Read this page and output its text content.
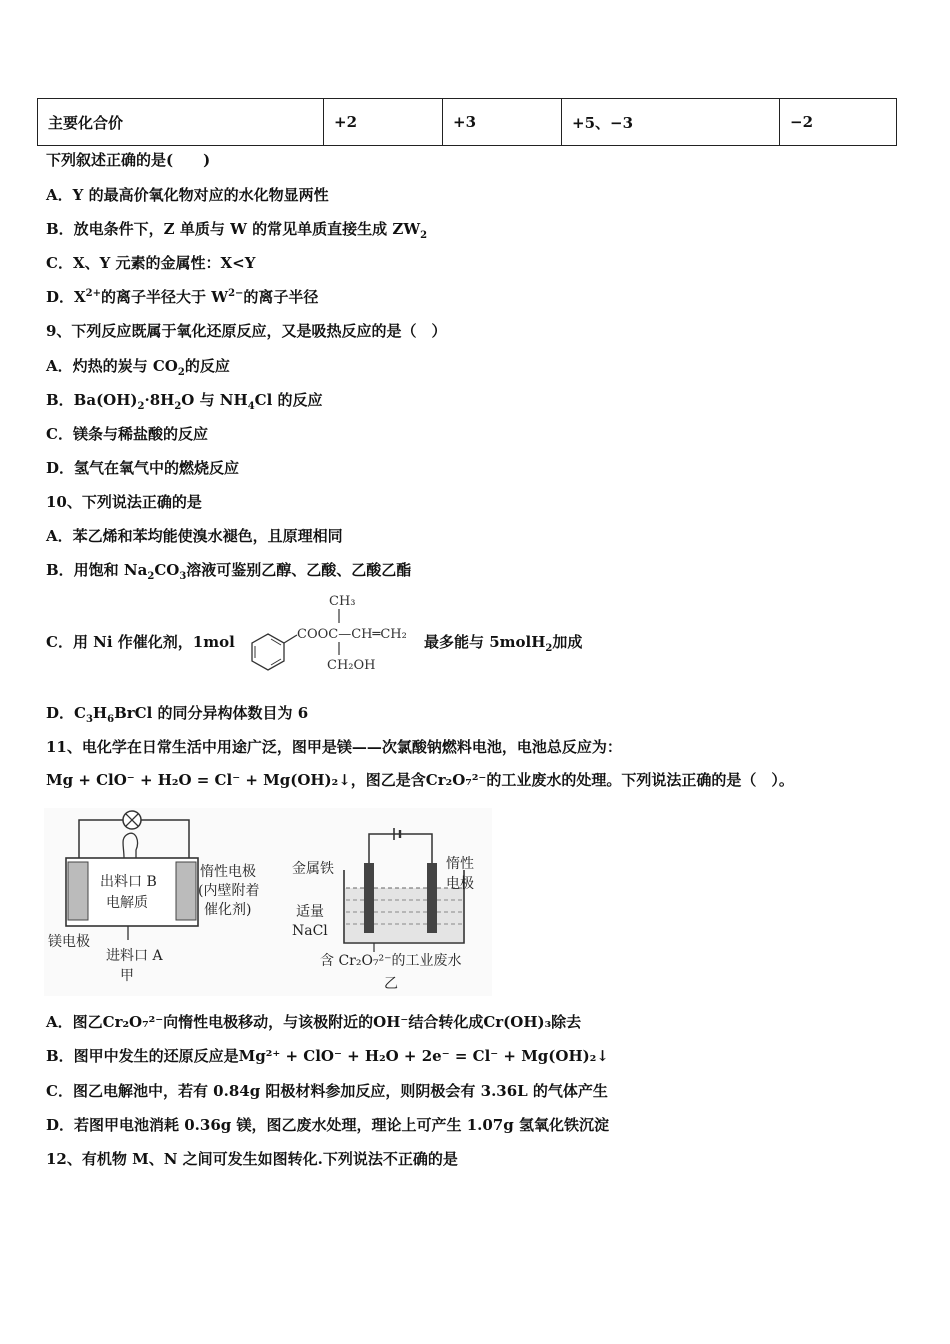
主要化合价	+2	+3	+5、−3	−2
下列叙述正确的是(　　)
A．Y 的最高价氧化物对应的水化物显两性
B．放电条件下，Z 单质与 W 的常见单质直接生成 $ZW_2$
C．X、Y 元素的金属性：X<Y
D．$X^{2+}$的离子半径大于 $W^{2-}$的离子半径
9、下列反应既属于氧化还原反应，又是吸热反应的是（　）
A．灼热的炭与 $CO_2$的反应
B．$Ba(OH)_2\cdot 8H_2O$ 与 $NH_4Cl$ 的反应
C．镁条与稀盐酸的反应
D．氢气在氧气中的燃烧反应
10、下列说法正确的是
A．苯乙烯和苯均能使溴水褪色，且原理相同
B．用饱和 $Na_2CO_3$溶液可鉴别乙醇、乙酸、乙酸乙酯
C．用 Ni 作催化剂，1mol	COOC—CH═CH₂
CH₃
CH₂OH
最多能与 5molH$_2$加成
D．$C_3H_6BrCl$ 的同分异构体数目为 6
11、电化学在日常生活中用途广泛，图甲是镁——次氯酸钠燃料电池，电池总反应为：
Mg + ClO⁻ + H₂O = Cl⁻ + Mg(OH)₂↓，图乙是含Cr₂O₇²⁻的工业废水的处理。下列说法正确的是（　）。
出料口 B
电解质
镁电极
进料口 A
甲
惰性电极
(内壁附着
催化剂)
金属铁	惰性
电极
适量
NaCl
含 Cr₂O₇²⁻的工业废水
乙
A．图乙Cr₂O₇²⁻向惰性电极移动，与该极附近的OH⁻结合转化成Cr(OH)₃除去
B．图甲中发生的还原反应是Mg²⁺ + ClO⁻ + H₂O + 2e⁻ = Cl⁻ + Mg(OH)₂↓
C．图乙电解池中，若有 0.84g 阳极材料参加反应，则阴极会有 3.36L 的气体产生
D．若图甲电池消耗 0.36g 镁，图乙废水处理，理论上可产生 1.07g 氢氧化铁沉淀
12、有机物 M、N 之间可发生如图转化.下列说法不正确的是
